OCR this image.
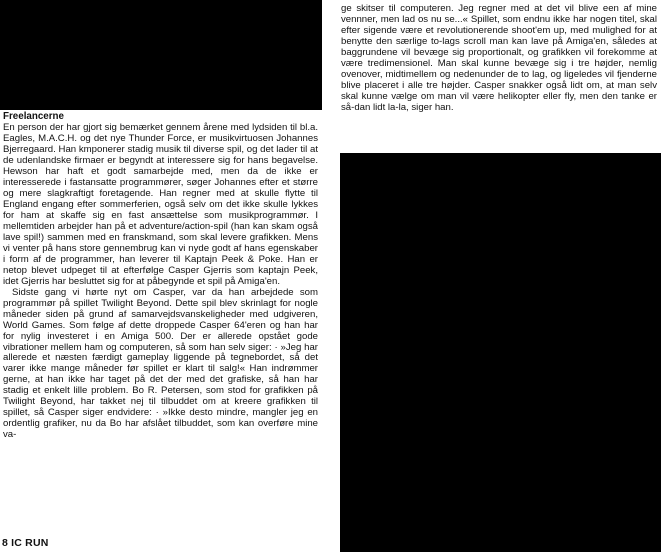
Freelancerne

En person der har gjort sig bemærket gennem årene med lydsiden til bl.a. Eagles, M.A.C.H. og det nye Thunder Force, er musikvirtuosen Johannes Bjerregaard. Han kmponerer stadig musik til diverse spil, og det lader til at de udenlandske firmaer er begyndt at interessere sig for hans begavelse. Hewson har haft et godt samarbejde med, men da de ikke er interesserede i fastansatte programmører, søger Johannes efter et større og mere slagkraftigt foretagende. Han regner med at skulle flytte til England engang efter sommerferien, også selv om det ikke skulle lykkes for ham at skaffe sig en fast ansættelse som musikprogrammør. I mellemtiden arbejder han på et adventure/action-spil (han kan skam også lave spil!) sammen med en franskmand, som skal levere grafikken. Mens vi venter på hans store gennembrug kan vi nyde godt af hans egenskaber i form af de programmer, han leverer til Kaptajn Peek & Poke. Han er netop blevet udpeget til at efterfølge Casper Gjerris som kaptajn Peek, idet Gjerris har besluttet sig for at påbegynde et spil på Amiga'en.

Sidste gang vi hørte nyt om Casper, var da han arbejdede som programmør på spillet Twilight Beyond. Dette spil blev skrinlagt for nogle måneder siden på grund af samarvejdsvanskeligheder med udgiveren, World Games. Som følge af dette droppede Casper 64'eren og han har for nylig investeret i en Amiga 500. Der er allerede opstået gode vibrationer mellem ham og computeren, så som han selv siger: · »Jeg har allerede et næsten færdigt gameplay liggende på tegnebordet, så det varer ikke mange måneder før spillet er klart til salg!« Han indrømmer gerne, at han ikke har taget på det der med det grafiske, så han har stadig et enkelt lille problem. Bo R. Petersen, som stod for grafikken på Twilight Beyond, har takket nej til tilbuddet om at kreere grafikken til spillet, så Casper siger endvidere: · »Ikke desto mindre, mangler jeg en ordentlig grafiker, nu da Bo har afslået tilbuddet, som kan overføre mine va-

ge skitser til computeren. Jeg regner med at det vil blive een af mine vennner, men lad os nu se...« Spillet, som endnu ikke har nogen titel, skal efter sigende være et revolutionerende shoot'em up, med mulighed for at benytte den særlige to-lags scroll man kan lave på Amiga'en, således at baggrundene vil bevæge sig proportionalt, og grafikken vil forekomme at være tredimensionel. Man skal kunne bevæge sig i tre højder, nemlig ovenover, midtimellem og nedenunder de to lag, og ligeledes vil fjenderne blive placeret i alle tre højder. Casper snakker også lidt om, at man selv skal kunne vælge om man vil være helikopter eller fly, men den tanke er så-dan lidt la-la, siger han.

8 IC RUN
